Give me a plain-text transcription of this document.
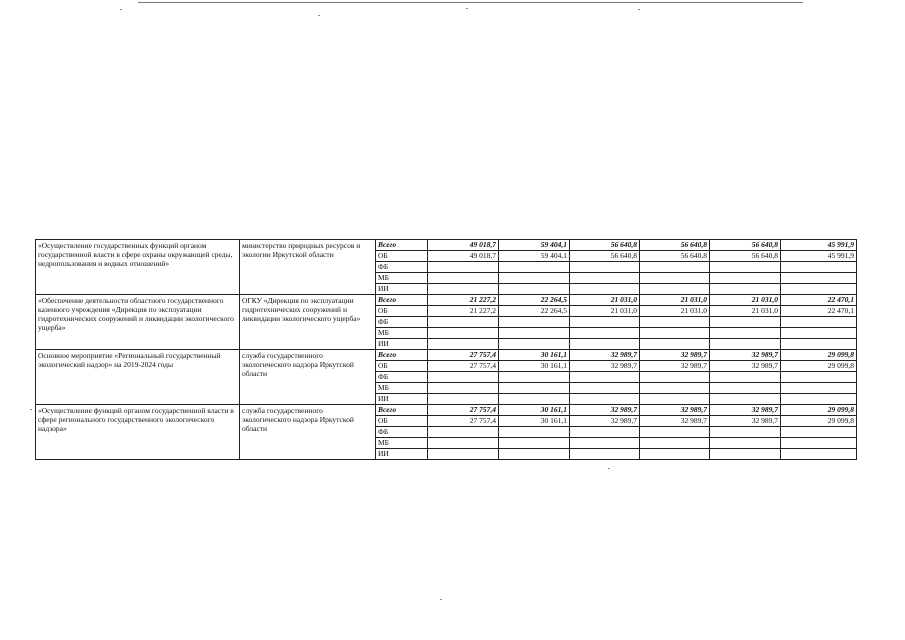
«Осуществление государственных функций органом государственной власти в сфере охраны окружающей среды, недропользования и водных отношений»	министерство природных ресурсов и экологии Иркутской области	Всего	49 018,7	59 404,1	56 640,8	56 640,8	56 640,8	45 991,9
		ОБ	49 018,7	59 404,1	56 640,8	56 640,8	56 640,8	45 991,9
		ФБ						
		МБ						
		ИИ						
«Обеспечение деятельности областного государственного казенного учреждения «Дирекция по эксплуатации гидротехнических сооружений и ликвидации экологического ущерба»	ОГКУ «Дирекция по эксплуатации гидротехнических сооружений и ликвидации экологического ущерба»	Всего	21 227,2	22 264,5	21 031,0	21 031,0	21 031,0	22 470,1
		ОБ	21 227,2	22 264,5	21 031,0	21 031,0	21 031,0	22 470,1
		ФБ						
		МБ						
		ИИ						
Основное мероприятие «Региональный государственный экологический надзор» на 2019-2024 годы	служба государственного экологического надзора Иркутской области	Всего	27 757,4	30 161,1	32 989,7	32 989,7	32 989,7	29 099,8
		ОБ	27 757,4	30 161,1	32 989,7	32 989,7	32 989,7	29 099,8
		ФБ						
		МБ						
		ИИ						
«Осуществление функций органом государственной власти в сфере регионального государственного экологического надзора»	служба государственного экологического надзора Иркутской области	Всего	27 757,4	30 161,1	32 989,7	32 989,7	32 989,7	29 099,8
		ОБ	27 757,4	30 161,1	32 989,7	32 989,7	32 989,7	29 099,8
		ФБ						
		МБ						
		ИИ						
